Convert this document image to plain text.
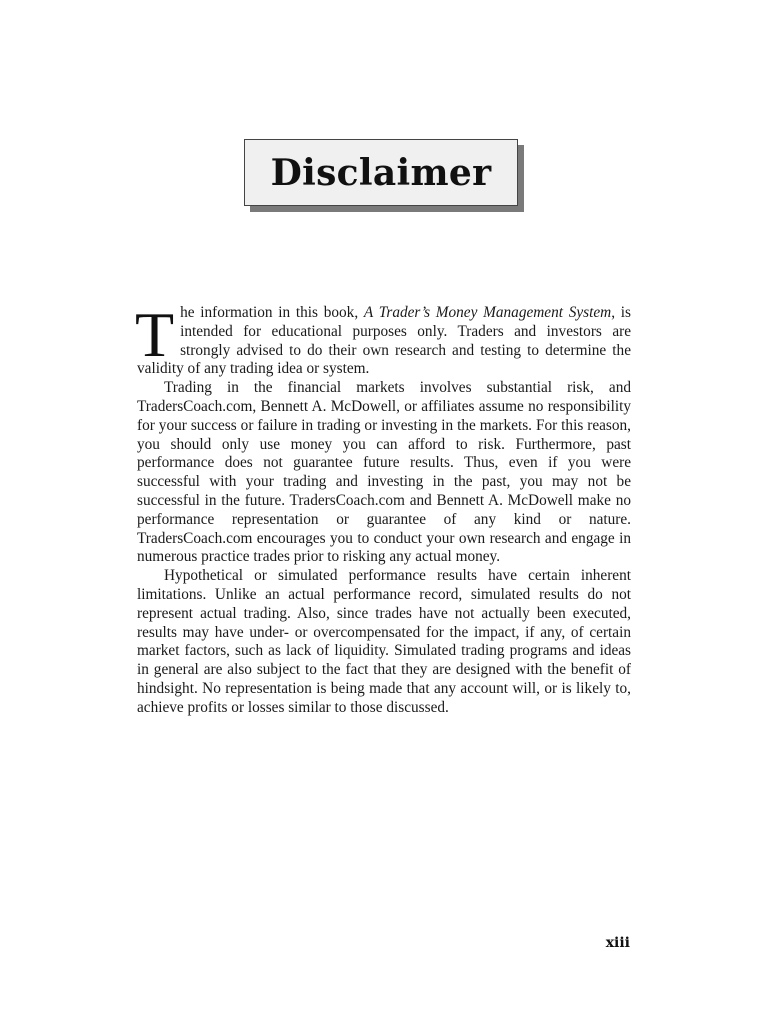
Disclaimer

The information in this book, A Trader’s Money Management System, is intended for educational purposes only. Traders and investors are strongly advised to do their own research and testing to determine the validity of any trading idea or system.

Trading in the financial markets involves substantial risk, and TradersCoach.com, Bennett A. McDowell, or affiliates assume no responsibility for your success or failure in trading or investing in the markets. For this reason, you should only use money you can afford to risk. Furthermore, past performance does not guarantee future results. Thus, even if you were successful with your trading and investing in the past, you may not be successful in the future. TradersCoach.com and Bennett A. McDowell make no performance representation or guarantee of any kind or nature. TradersCoach.com encourages you to conduct your own research and engage in numerous practice trades prior to risking any actual money.

Hypothetical or simulated performance results have certain inherent limitations. Unlike an actual performance record, simulated results do not represent actual trading. Also, since trades have not actually been executed, results may have under- or overcompensated for the impact, if any, of certain market factors, such as lack of liquidity. Simulated trading programs and ideas in general are also subject to the fact that they are designed with the benefit of hindsight. No representation is being made that any account will, or is likely to, achieve profits or losses similar to those discussed.

xiii
